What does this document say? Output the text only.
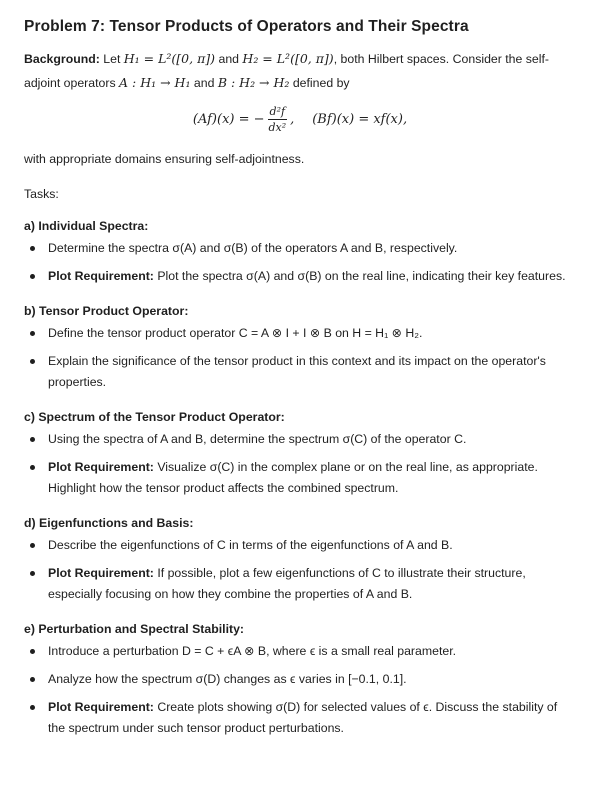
Problem 7: Tensor Products of Operators and Their Spectra

Background: Let H₁ = L²([0, π]) and H₂ = L²([0, π]), both Hilbert spaces. Consider the self-adjoint operators A : H₁ → H₁ and B : H₂ → H₂ defined by

(Af)(x) = − $\frac{\text{d²f}}{\text{dx²}}$ , (Bf)(x) = xf(x),

with appropriate domains ensuring self-adjointness.

Tasks:
a) Individual Spectra:
Determine the spectra σ(A) and σ(B) of the operators A and B, respectively.
Plot Requirement: Plot the spectra σ(A) and σ(B) on the real line, indicating their key features.
b) Tensor Product Operator:
Define the tensor product operator C = A ⊗ I + I ⊗ B on H = H₁ ⊗ H₂.
Explain the significance of the tensor product in this context and its impact on the operator's properties.
c) Spectrum of the Tensor Product Operator:
Using the spectra of A and B, determine the spectrum σ(C) of the operator C.
Plot Requirement: Visualize σ(C) in the complex plane or on the real line, as appropriate. Highlight how the tensor product affects the combined spectrum.
d) Eigenfunctions and Basis:
Describe the eigenfunctions of C in terms of the eigenfunctions of A and B.
Plot Requirement: If possible, plot a few eigenfunctions of C to illustrate their structure, especially focusing on how they combine the properties of A and B.
e) Perturbation and Spectral Stability:
Introduce a perturbation D = C + ϵA ⊗ B, where ϵ is a small real parameter.
Analyze how the spectrum σ(D) changes as ϵ varies in [−0.1, 0.1].
Plot Requirement: Create plots showing σ(D) for selected values of ϵ. Discuss the stability of the spectrum under such tensor product perturbations.
